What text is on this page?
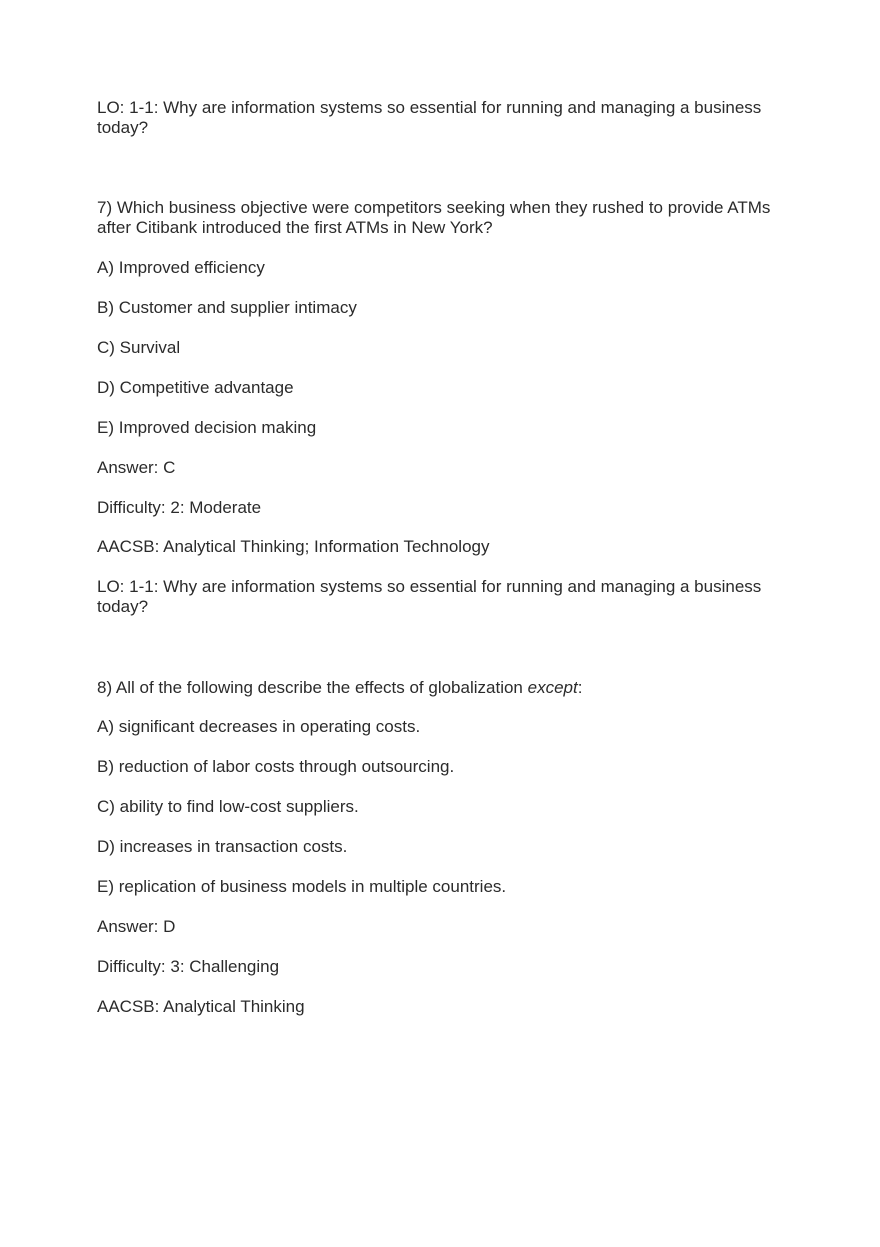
LO: 1-1: Why are information systems so essential for running and managing a business today?

7) Which business objective were competitors seeking when they rushed to provide ATMs after Citibank introduced the first ATMs in New York?

A) Improved efficiency

B) Customer and supplier intimacy

C) Survival

D) Competitive advantage

E) Improved decision making

Answer: C

Difficulty: 2: Moderate

AACSB: Analytical Thinking; Information Technology

LO: 1-1: Why are information systems so essential for running and managing a business today?

8) All of the following describe the effects of globalization except:

A) significant decreases in operating costs.

B) reduction of labor costs through outsourcing.

C) ability to find low-cost suppliers.

D) increases in transaction costs.

E) replication of business models in multiple countries.

Answer: D

Difficulty: 3: Challenging

AACSB: Analytical Thinking
